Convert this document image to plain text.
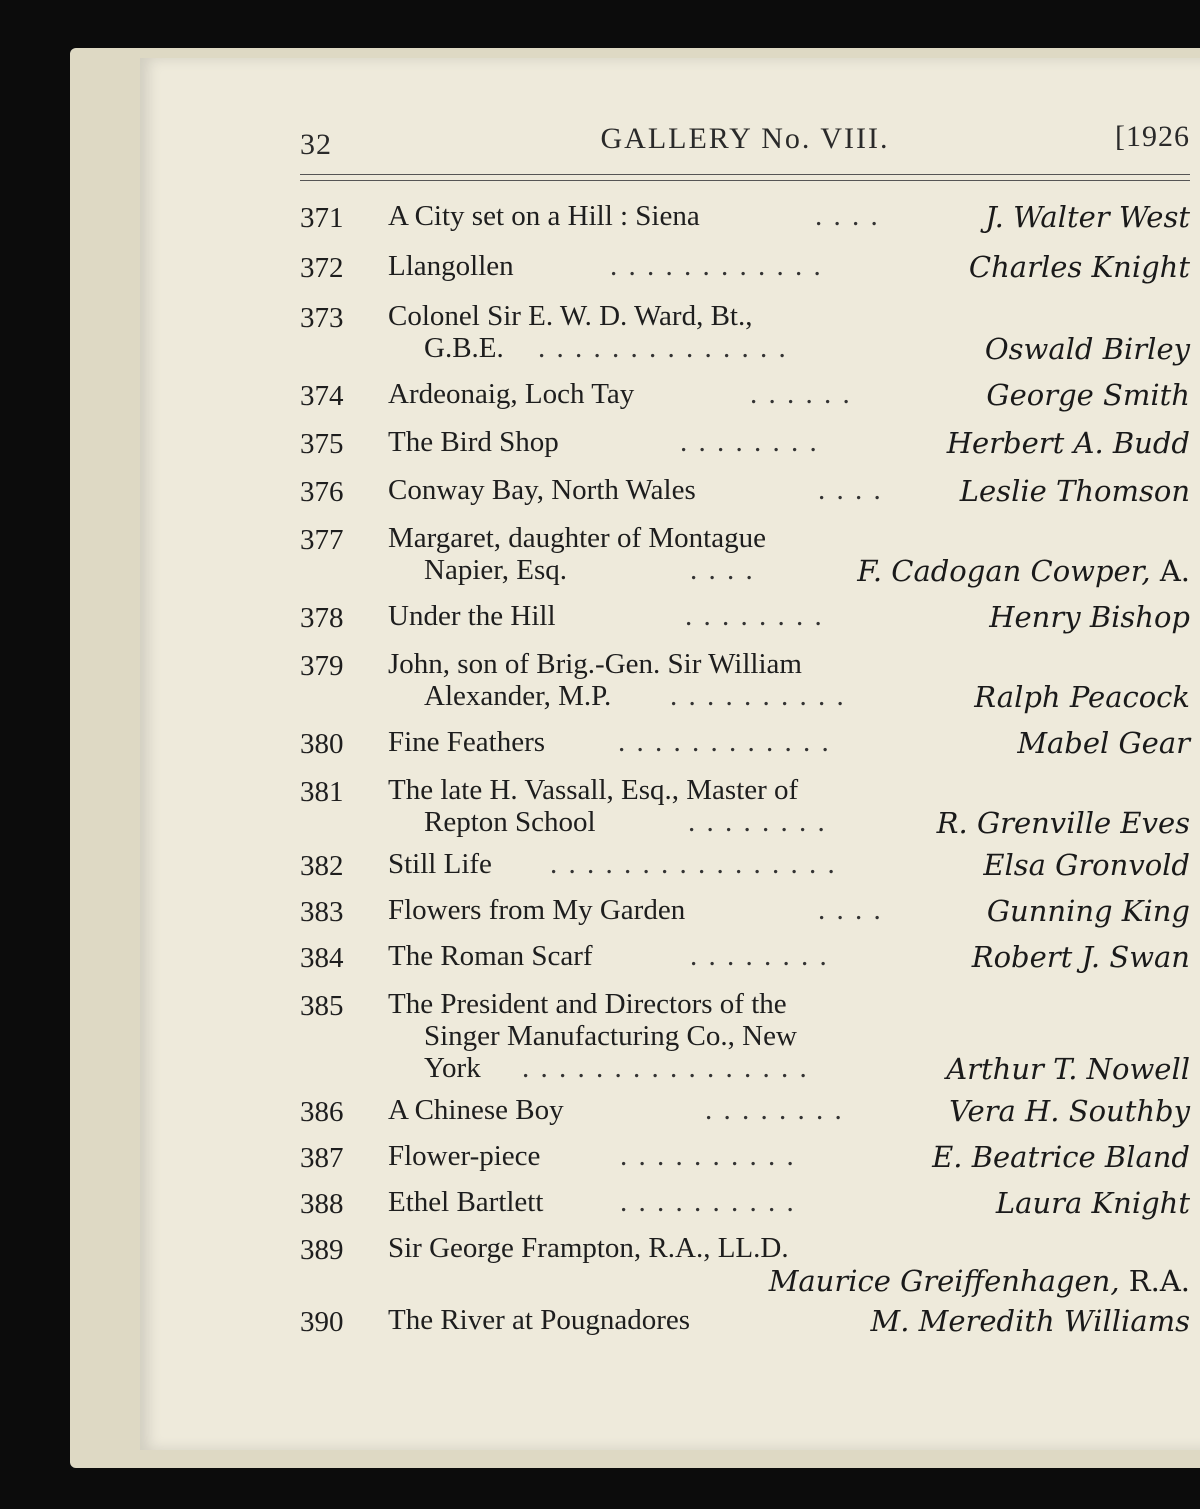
32	GALLERY No. VIII.	[1926
371 A City set on a Hill : Siena	. . . .	J. Walter West
372 Llangollen	. . . . . . . . . . . .	Charles Knight
373 Colonel Sir E. W. D. Ward, Bt.,
G.B.E. . . . . . . . . . . . . . .	Oswald Birley
374 Ardeonaig, Loch Tay	. . . . . .	George Smith
375 The Bird Shop	. . . . . . . .	Herbert A. Budd
376 Conway Bay, North Wales	. . . .	Leslie Thomson
377 Margaret, daughter of Montague
Napier, Esq.	. . . .	F. Cadogan Cowper, A.
378 Under the Hill	. . . . . . . .	Henry Bishop
379 John, son of Brig.-Gen. Sir William
Alexander, M.P. . . . . . . . . . .	Ralph Peacock
380 Fine Feathers	. . . . . . . . . . . .	Mabel Gear
381 The late H. Vassall, Esq., Master of
Repton School	. . . . . . . .	R. Grenville Eves
382 Still Life . . . . . . . . . . . . . . . .	Elsa Gronvold
383 Flowers from My Garden	. . . .	Gunning King
384 The Roman Scarf	. . . . . . . .	Robert J. Swan
385 The President and Directors of the
Singer Manufacturing Co., New
York . . . . . . . . . . . . . . . .	Arthur T. Nowell
386 A Chinese Boy	. . . . . . . .	Vera H. Southby
387 Flower-piece	. . . . . . . . . .	E. Beatrice Bland
388 Ethel Bartlett	. . . . . . . . . .	Laura Knight
389 Sir George Frampton, R.A., LL.D.
Maurice Greiffenhagen, R.A.
390 The River at Pougnadores	M. Meredith Williams
